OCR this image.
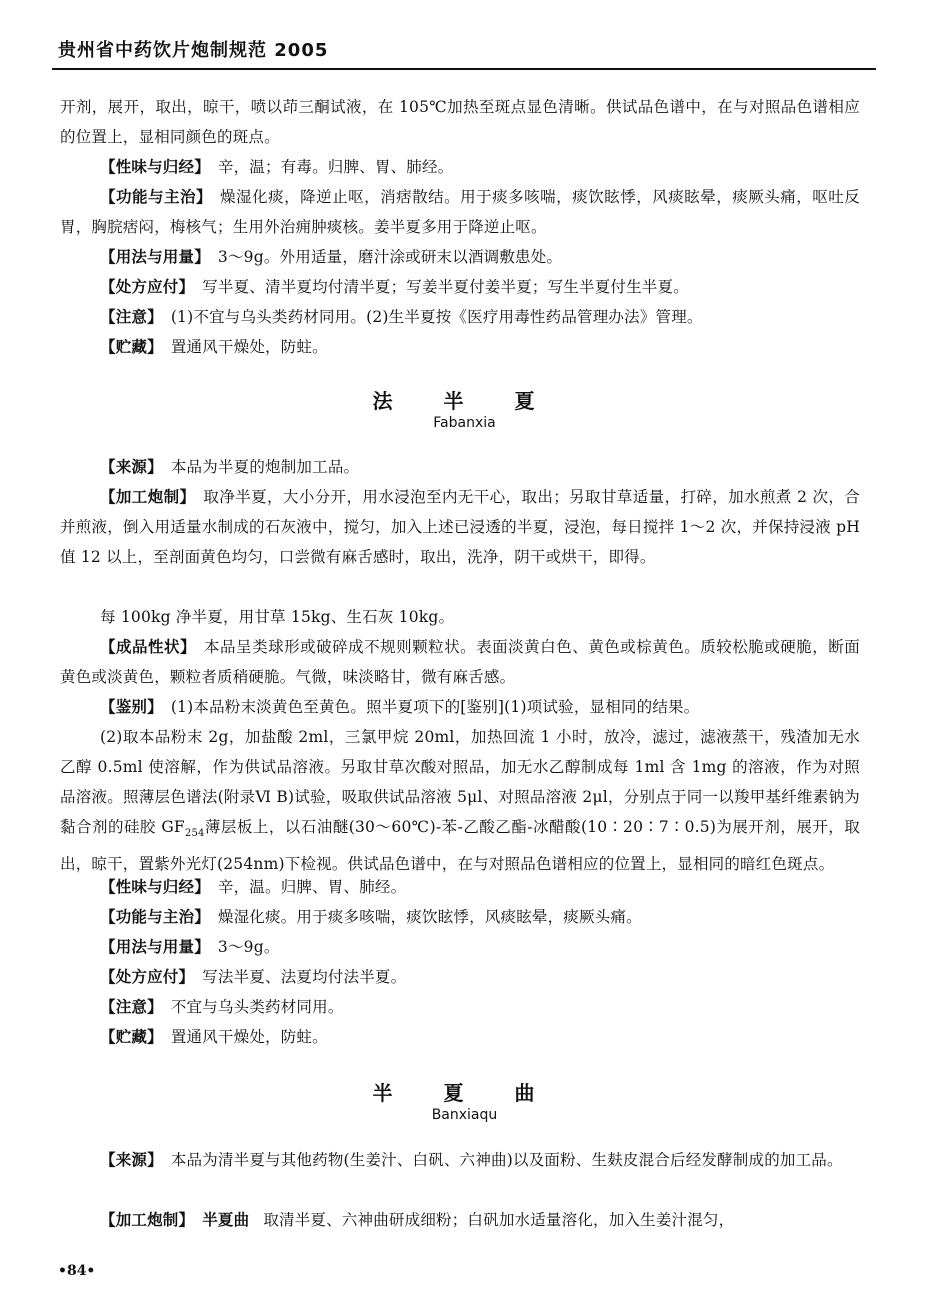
贵州省中药饮片炮制规范 2005

开剂，展开，取出，晾干，喷以茚三酮试液，在 105℃加热至斑点显色清晰。供试品色谱中，在与对照品色谱相应的位置上，显相同颜色的斑点。

【性味与归经】 辛，温；有毒。归脾、胃、肺经。

【功能与主治】 燥湿化痰，降逆止呕，消痞散结。用于痰多咳喘，痰饮眩悸，风痰眩晕，痰厥头痛，呕吐反胃，胸脘痞闷，梅核气；生用外治痈肿痰核。姜半夏多用于降逆止呕。

【用法与用量】 3～9g。外用适量，磨汁涂或研末以酒调敷患处。

【处方应付】 写半夏、清半夏均付清半夏；写姜半夏付姜半夏；写生半夏付生半夏。

【注意】 (1)不宜与乌头类药材同用。(2)生半夏按《医疗用毒性药品管理办法》管理。

【贮藏】 置通风干燥处，防蛀。

法 半 夏
Fabanxia

【来源】 本品为半夏的炮制加工品。

【加工炮制】 取净半夏，大小分开，用水浸泡至内无干心，取出；另取甘草适量，打碎，加水煎煮 2 次，合并煎液，倒入用适量水制成的石灰液中，搅匀，加入上述已浸透的半夏，浸泡，每日搅拌 1～2 次，并保持浸液 pH 值 12 以上，至剖面黄色均匀，口尝微有麻舌感时，取出，洗净，阴干或烘干，即得。

每 100kg 净半夏，用甘草 15kg、生石灰 10kg。

【成品性状】 本品呈类球形或破碎成不规则颗粒状。表面淡黄白色、黄色或棕黄色。质较松脆或硬脆，断面黄色或淡黄色，颗粒者质稍硬脆。气微，味淡略甘，微有麻舌感。

【鉴别】 (1)本品粉末淡黄色至黄色。照半夏项下的[鉴别](1)项试验，显相同的结果。

(2)取本品粉末 2g，加盐酸 2ml，三氯甲烷 20ml，加热回流 1 小时，放冷，滤过，滤液蒸干，残渣加无水乙醇 0.5ml 使溶解，作为供试品溶液。另取甘草次酸对照品，加无水乙醇制成每 1ml 含 1mg 的溶液，作为对照品溶液。照薄层色谱法(附录Ⅵ B)试验，吸取供试品溶液 5μl、对照品溶液 2μl，分别点于同一以羧甲基纤维素钠为黏合剂的硅胶 $GF_{254}$薄层板上，以石油醚(30～60℃)-苯-乙酸乙酯-冰醋酸(10∶20∶7∶0.5)为展开剂，展开，取出，晾干，置紫外光灯(254nm)下检视。供试品色谱中，在与对照品色谱相应的位置上，显相同的暗红色斑点。

【性味与归经】 辛，温。归脾、胃、肺经。

【功能与主治】 燥湿化痰。用于痰多咳喘，痰饮眩悸，风痰眩晕，痰厥头痛。

【用法与用量】 3～9g。

【处方应付】 写法半夏、法夏均付法半夏。

【注意】 不宜与乌头类药材同用。

【贮藏】 置通风干燥处，防蛀。

半 夏 曲
Banxiaqu

【来源】 本品为清半夏与其他药物(生姜汁、白矾、六神曲)以及面粉、生麸皮混合后经发酵制成的加工品。

【加工炮制】 半夏曲 取清半夏、六神曲研成细粉；白矾加水适量溶化，加入生姜汁混匀，

•84•
